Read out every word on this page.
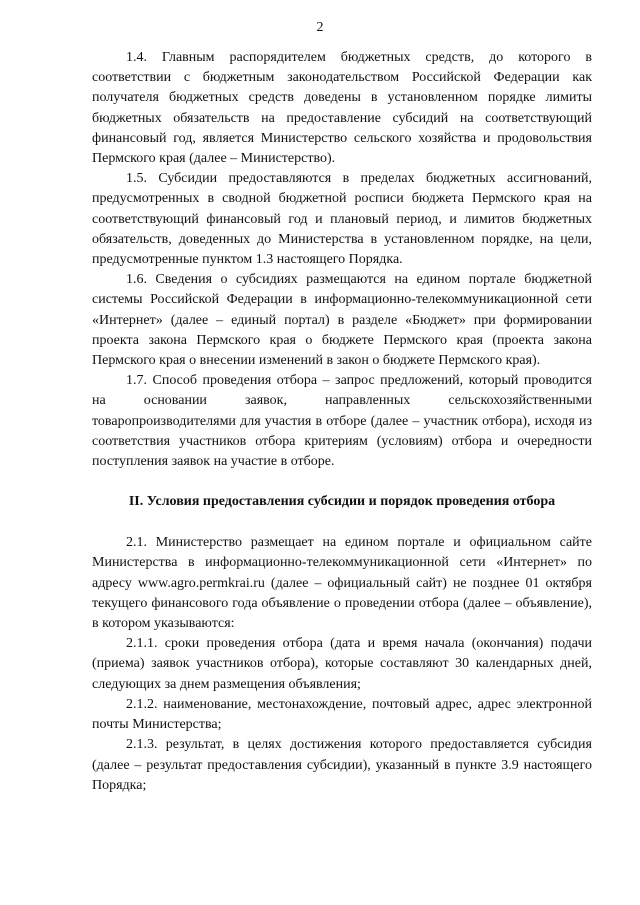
2

1.4. Главным распорядителем бюджетных средств, до которого в соответствии с бюджетным законодательством Российской Федерации как получателя бюджетных средств доведены в установленном порядке лимиты бюджетных обязательств на предоставление субсидий на соответствующий финансовый год, является Министерство сельского хозяйства и продовольствия Пермского края (далее – Министерство).

1.5. Субсидии предоставляются в пределах бюджетных ассигнований, предусмотренных в сводной бюджетной росписи бюджета Пермского края на соответствующий финансовый год и плановый период, и лимитов бюджетных обязательств, доведенных до Министерства в установленном порядке, на цели, предусмотренные пунктом 1.3 настоящего Порядка.

1.6. Сведения о субсидиях размещаются на едином портале бюджетной системы Российской Федерации в информационно-телекоммуникационной сети «Интернет» (далее – единый портал) в разделе «Бюджет» при формировании проекта закона Пермского края о бюджете Пермского края (проекта закона Пермского края о внесении изменений в закон о бюджете Пермского края).

1.7. Способ проведения отбора – запрос предложений, который проводится на основании заявок, направленных сельскохозяйственными товаропроизводителями для участия в отборе (далее – участник отбора), исходя из соответствия участников отбора критериям (условиям) отбора и очередности поступления заявок на участие в отборе.

II. Условия предоставления субсидии и порядок проведения отбора

2.1. Министерство размещает на едином портале и официальном сайте Министерства в информационно-телекоммуникационной сети «Интернет» по адресу www.agro.permkrai.ru (далее – официальный сайт) не позднее 01 октября текущего финансового года объявление о проведении отбора (далее – объявление), в котором указываются:

2.1.1. сроки проведения отбора (дата и время начала (окончания) подачи (приема) заявок участников отбора), которые составляют 30 календарных дней, следующих за днем размещения объявления;

2.1.2. наименование, местонахождение, почтовый адрес, адрес электронной почты Министерства;

2.1.3. результат, в целях достижения которого предоставляется субсидия (далее – результат предоставления субсидии), указанный в пункте 3.9 настоящего Порядка;
